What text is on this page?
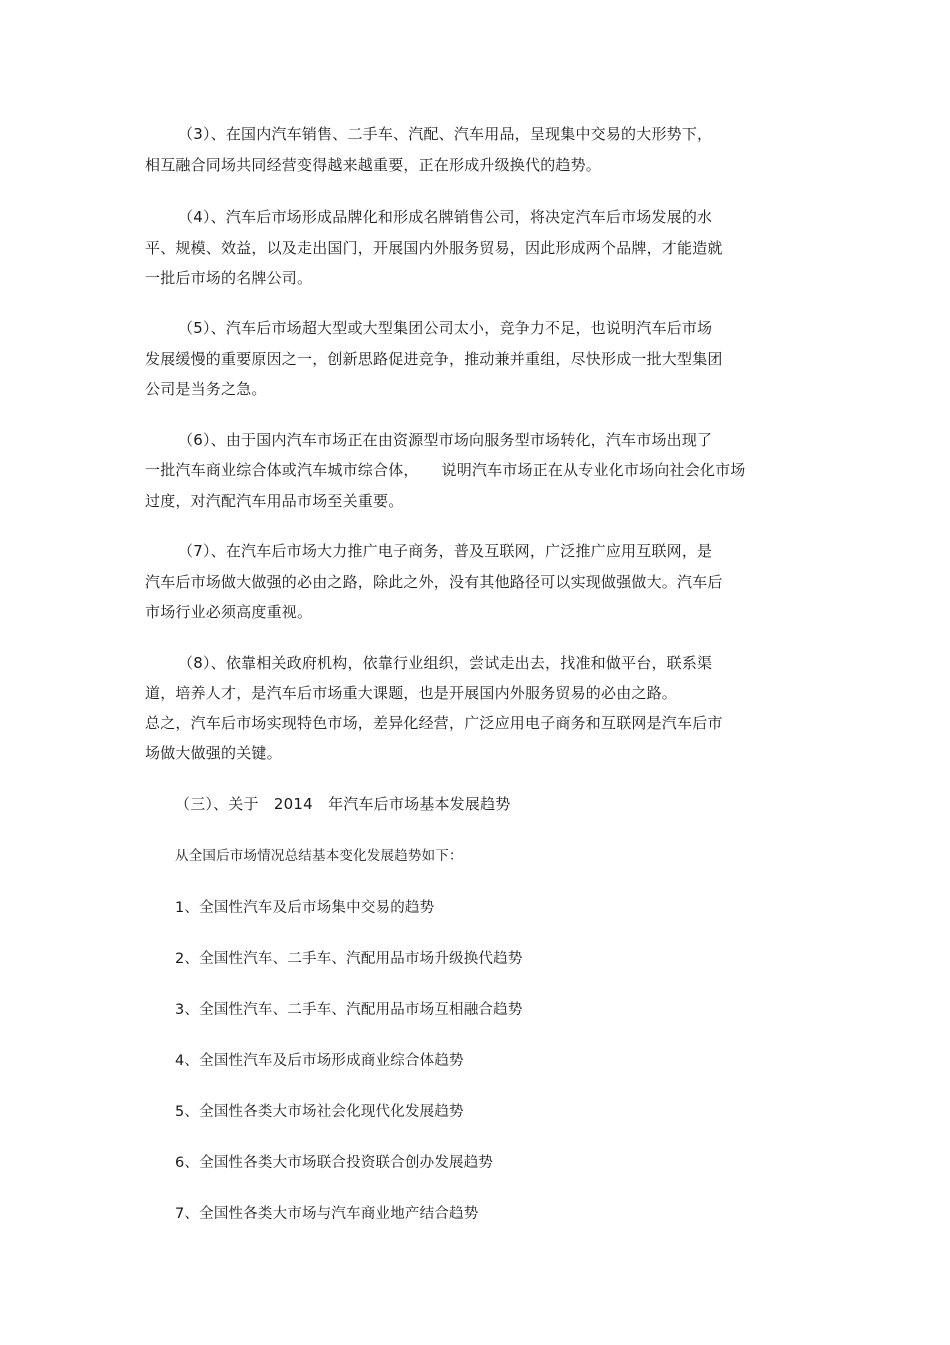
（3）、在国内汽车销售、二手车、汽配、汽车用品，呈现集中交易的大形势下，
相互融合同场共同经营变得越来越重要，正在形成升级换代的趋势。
（4）、汽车后市场形成品牌化和形成名牌销售公司，将决定汽车后市场发展的水
平、规模、效益，以及走出国门，开展国内外服务贸易，因此形成两个品牌，才能造就
一批后市场的名牌公司。
（5）、汽车后市场超大型或大型集团公司太小，竞争力不足，也说明汽车后市场
发展缓慢的重要原因之一，创新思路促进竞争，推动兼并重组，尽快形成一批大型集团
公司是当务之急。
（6）、由于国内汽车市场正在由资源型市场向服务型市场转化，汽车市场出现了
一批汽车商业综合体或汽车城市综合体，　　说明汽车市场正在从专业化市场向社会化市场
过度，对汽配汽车用品市场至关重要。
（7）、在汽车后市场大力推广电子商务，普及互联网，广泛推广应用互联网，是
汽车后市场做大做强的必由之路，除此之外，没有其他路径可以实现做强做大。汽车后
市场行业必须高度重视。
（8）、依靠相关政府机构，依靠行业组织，尝试走出去，找准和做平台，联系渠
道，培养人才，是汽车后市场重大课题，也是开展国内外服务贸易的必由之路。
总之，汽车后市场实现特色市场，差异化经营，广泛应用电子商务和互联网是汽车后市
场做大做强的关键。
（三）、关于　2014　年汽车后市场基本发展趋势
从全国后市场情况总结基本变化发展趋势如下：
1、全国性汽车及后市场集中交易的趋势
2、全国性汽车、二手车、汽配用品市场升级换代趋势
3、全国性汽车、二手车、汽配用品市场互相融合趋势
4、全国性汽车及后市场形成商业综合体趋势
5、全国性各类大市场社会化现代化发展趋势
6、全国性各类大市场联合投资联合创办发展趋势
7、全国性各类大市场与汽车商业地产结合趋势
